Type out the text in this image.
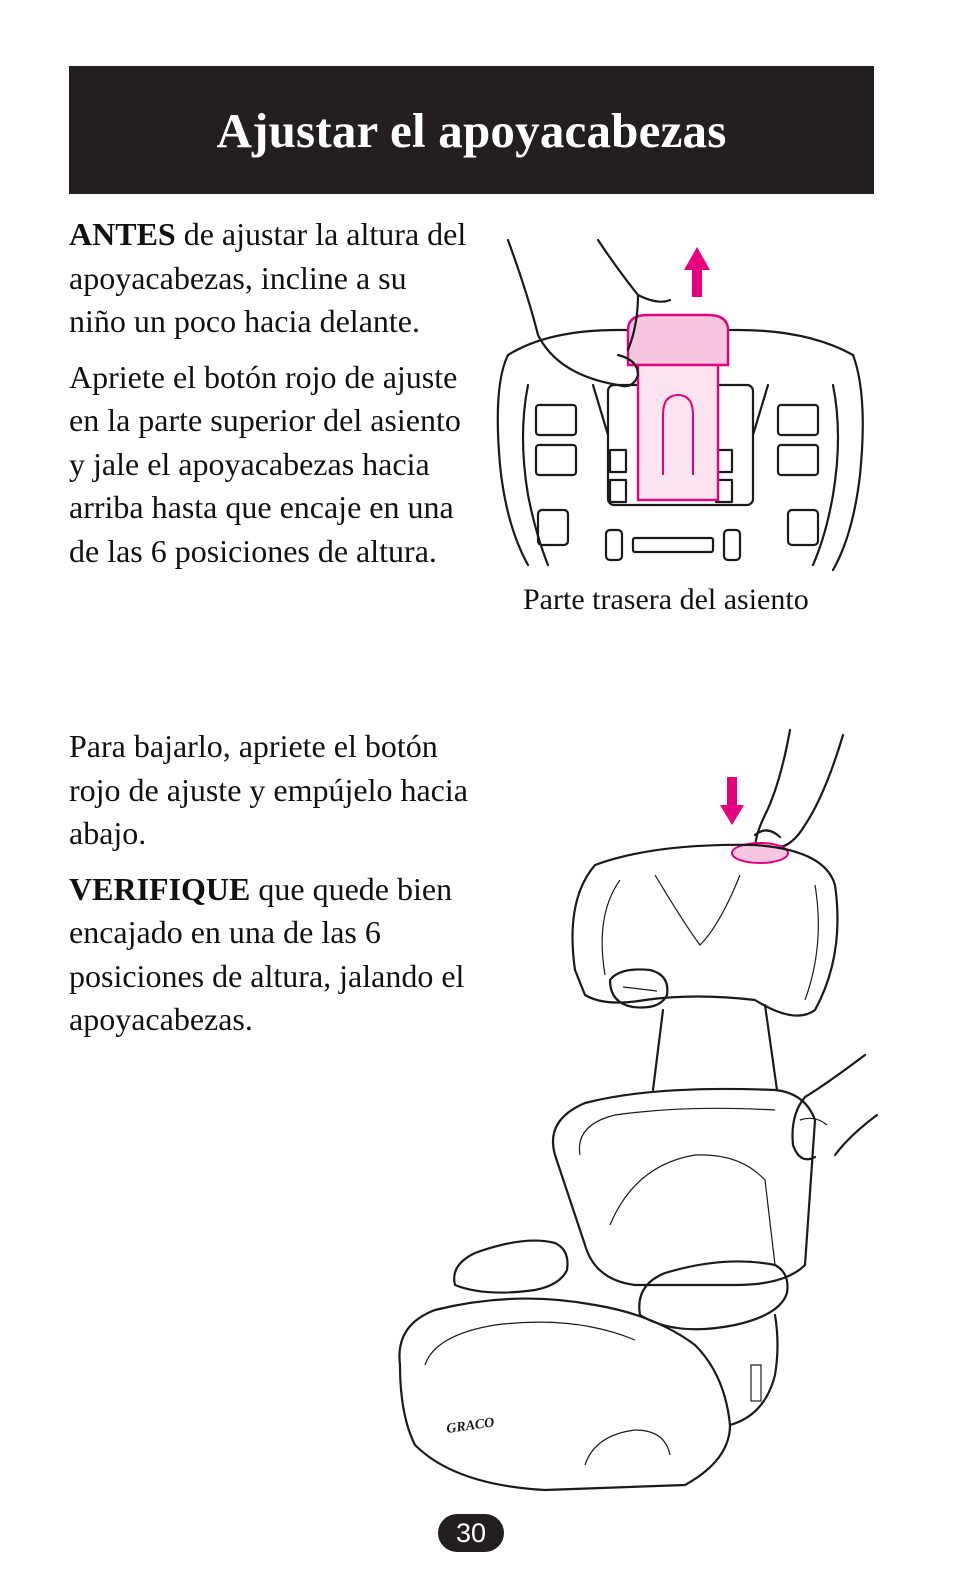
Ajustar el apoyacabezas

ANTES de ajustar la altura del apoyacabezas, incline a su niño un poco hacia delante.

Apriete el botón rojo de ajuste en la parte superior del asiento y jale el apoyacabezas hacia arriba hasta que encaje en una de las 6 posiciones de altura.

Parte trasera del asiento

Para bajarlo, apriete el botón rojo de ajuste y empújelo hacia abajo.

VERIFIQUE que quede bien encajado en una de las 6 posiciones de altura, jalando el apoyacabezas.

GRACO
30
